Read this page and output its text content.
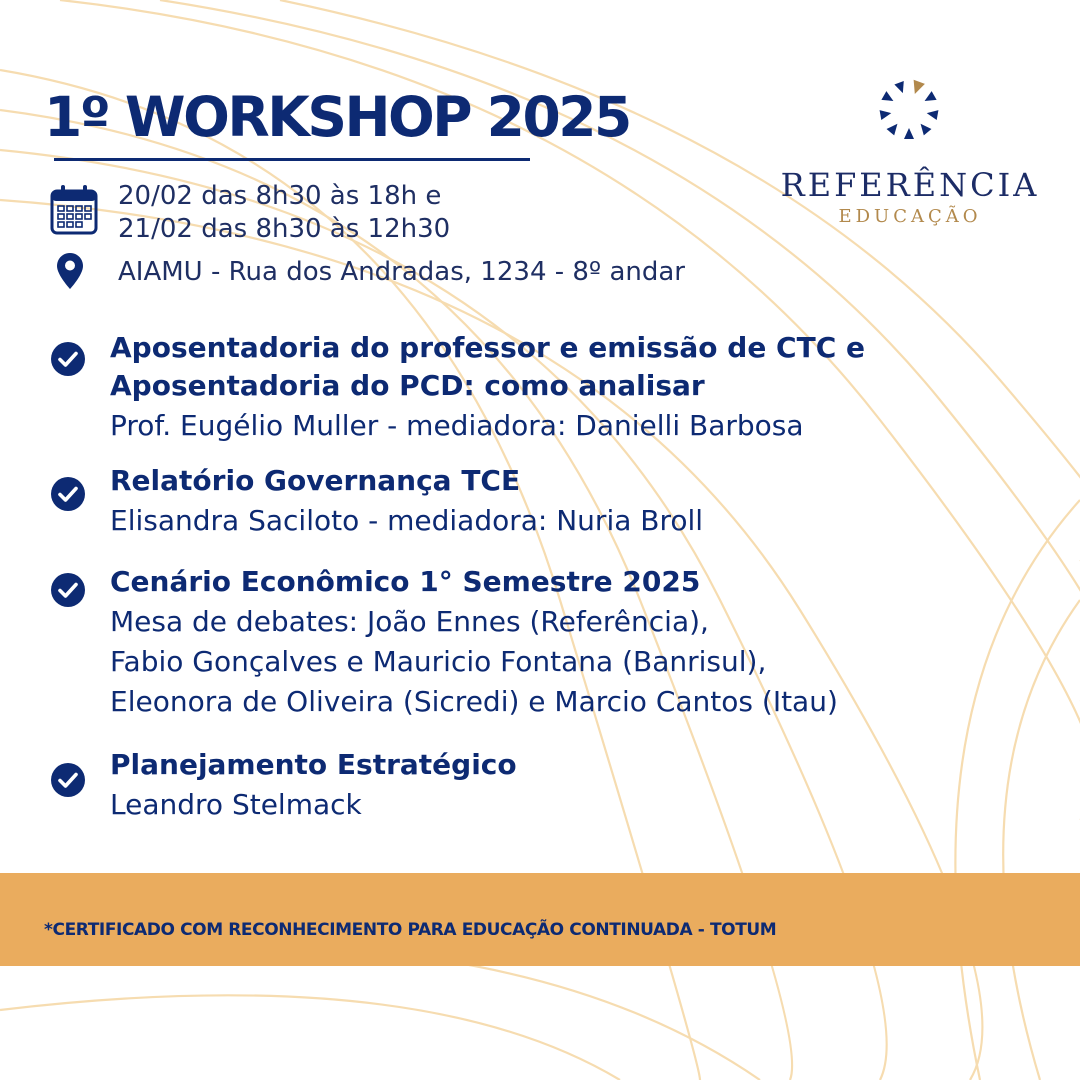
1º WORKSHOP 2025
20/02 das 8h30 às 18h e
21/02 das 8h30 às 12h30
AIAMU - Rua dos Andradas, 1234 - 8º andar
REFERÊNCIA
EDUCAÇÃO
Aposentadoria do professor e emissão de CTC e
Aposentadoria do PCD: como analisar
Prof. Eugélio Muller - mediadora: Danielli Barbosa
Relatório Governança TCE
Elisandra Saciloto - mediadora: Nuria Broll
Cenário Econômico 1° Semestre 2025
Mesa de debates: João Ennes (Referência),
Fabio Gonçalves e Mauricio Fontana (Banrisul),
Eleonora de Oliveira (Sicredi) e Marcio Cantos (Itau)
Planejamento Estratégico
Leandro Stelmack
*CERTIFICADO COM RECONHECIMENTO PARA EDUCAÇÃO CONTINUADA - TOTUM
